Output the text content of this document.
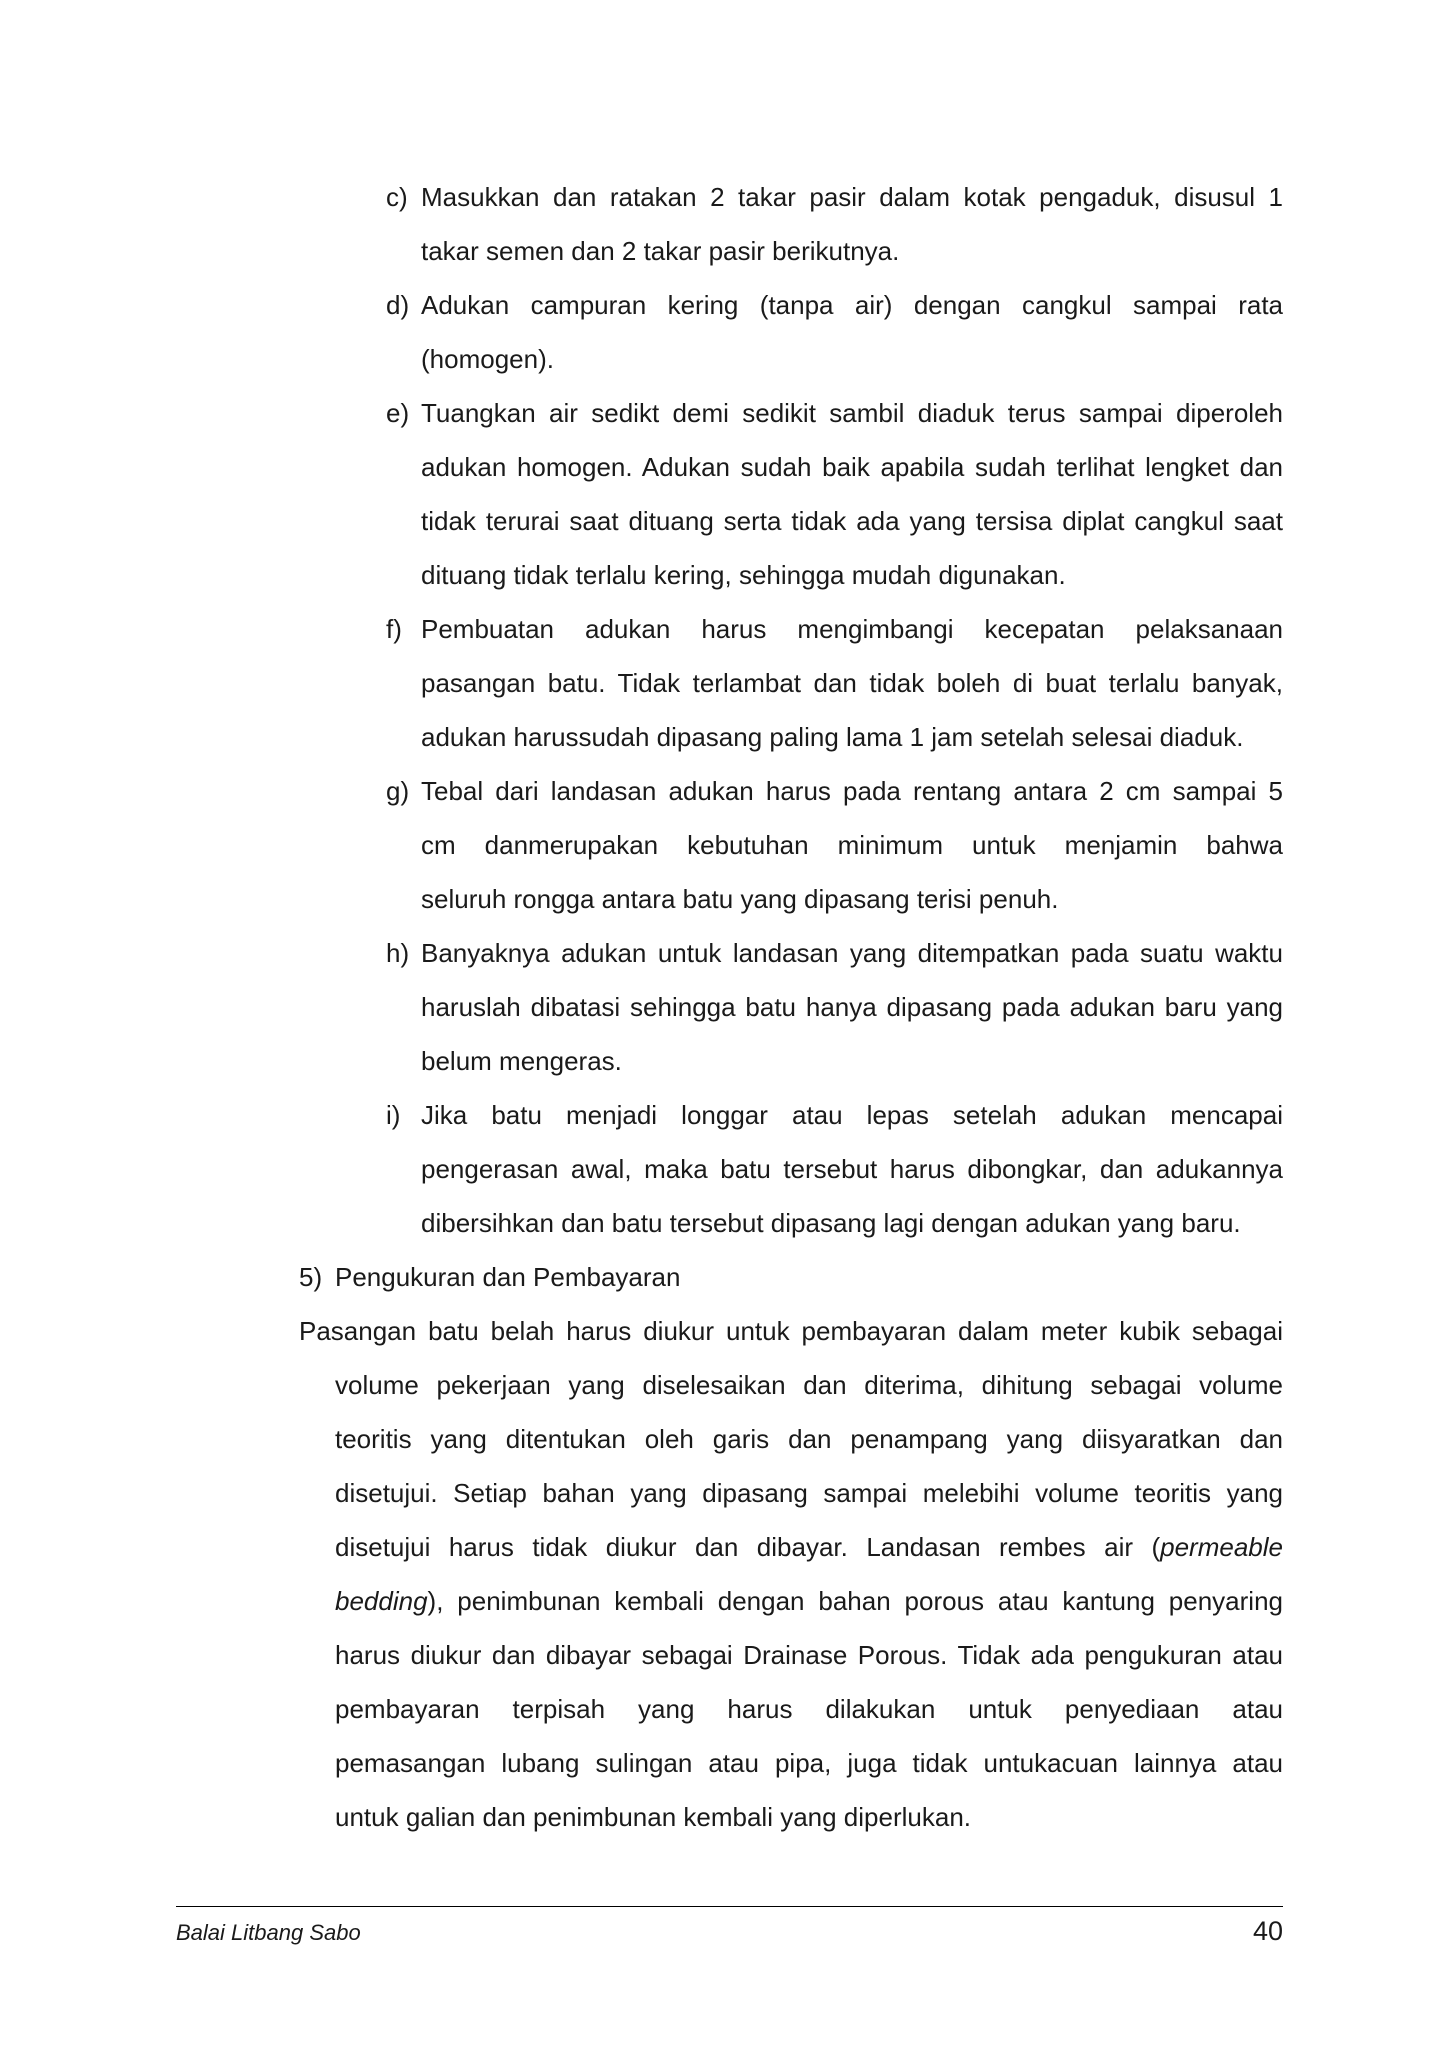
c) Masukkan dan ratakan 2 takar pasir dalam kotak pengaduk, disusul 1
takar semen dan 2 takar pasir berikutnya.
d) Adukan campuran kering (tanpa air) dengan cangkul sampai rata
(homogen).
e) Tuangkan air sedikt demi sedikit sambil diaduk terus sampai diperoleh
adukan homogen. Adukan sudah baik apabila sudah terlihat lengket dan
tidak terurai saat dituang serta tidak ada yang tersisa diplat cangkul saat
dituang tidak terlalu kering, sehingga mudah digunakan.
f) Pembuatan adukan harus mengimbangi kecepatan pelaksanaan
pasangan batu. Tidak terlambat dan tidak boleh di buat terlalu banyak,
adukan harussudah dipasang paling lama 1 jam setelah selesai diaduk.
g) Tebal dari landasan adukan harus pada rentang antara 2 cm sampai 5
cm danmerupakan kebutuhan minimum untuk menjamin bahwa
seluruh rongga antara batu yang dipasang terisi penuh.
h) Banyaknya adukan untuk landasan yang ditempatkan pada suatu waktu
haruslah dibatasi sehingga batu hanya dipasang pada adukan baru yang
belum mengeras.
i) Jika batu menjadi longgar atau lepas setelah adukan mencapai
pengerasan awal, maka batu tersebut harus dibongkar, dan adukannya
dibersihkan dan batu tersebut dipasang lagi dengan adukan yang baru.
5) Pengukuran dan Pembayaran
Pasangan batu belah harus diukur untuk pembayaran dalam meter kubik sebagai
volume pekerjaan yang diselesaikan dan diterima, dihitung sebagai volume
teoritis yang ditentukan oleh garis dan penampang yang diisyaratkan dan
disetujui. Setiap bahan yang dipasang sampai melebihi volume teoritis yang
disetujui harus tidak diukur dan dibayar. Landasan rembes air (permeable
bedding), penimbunan kembali dengan bahan porous atau kantung penyaring
harus diukur dan dibayar sebagai Drainase Porous. Tidak ada pengukuran atau
pembayaran terpisah yang harus dilakukan untuk penyediaan atau
pemasangan lubang sulingan atau pipa, juga tidak untukacuan lainnya atau
untuk galian dan penimbunan kembali yang diperlukan.
Balai Litbang Sabo	40
